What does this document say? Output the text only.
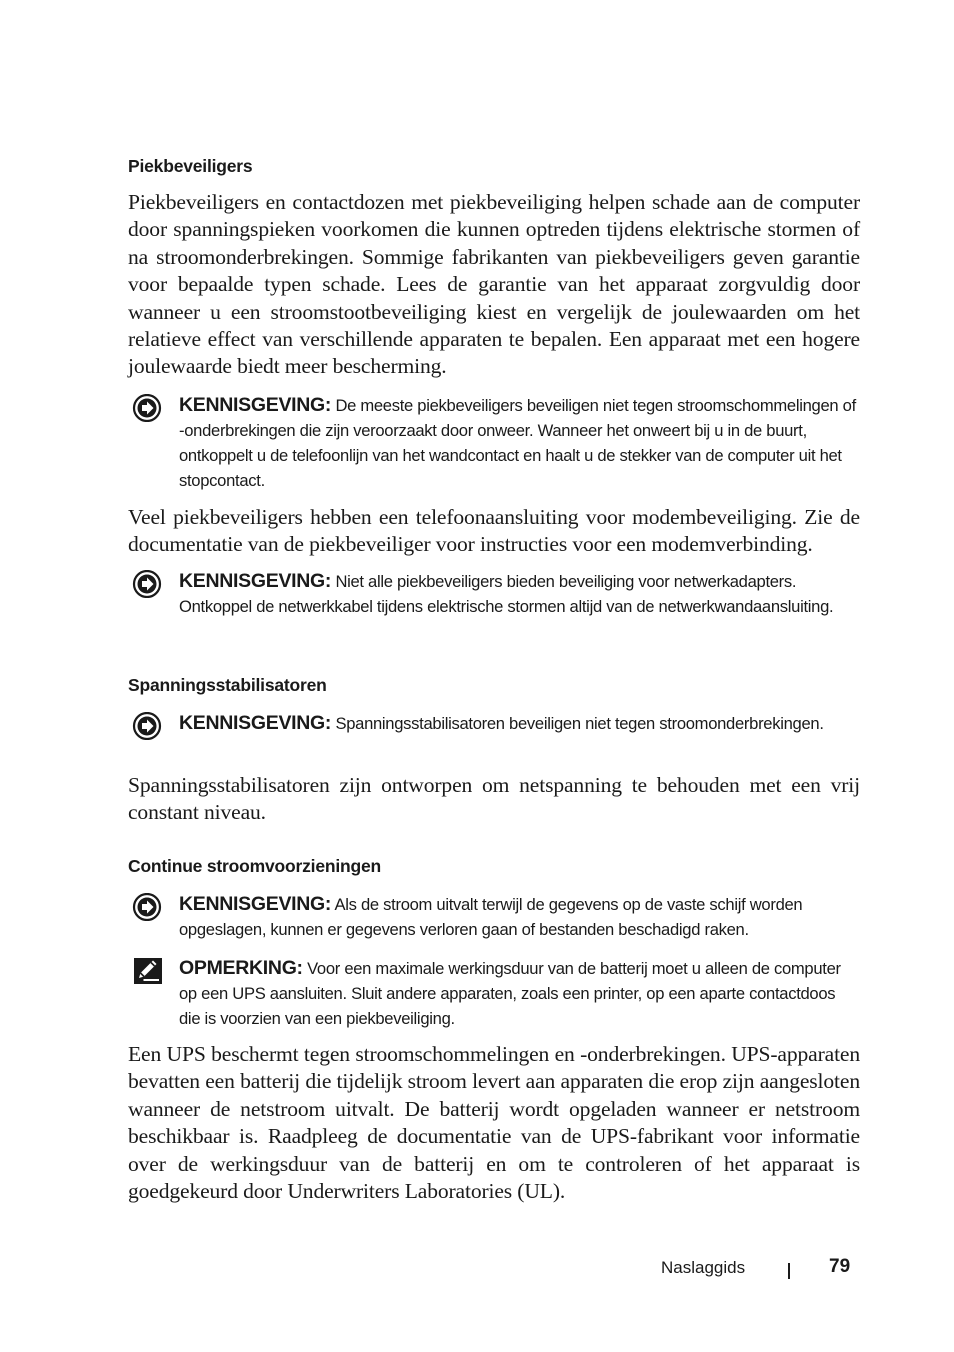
Piekbeveiligers

Piekbeveiligers en contactdozen met piekbeveiliging helpen schade aan de computer door spanningspieken voorkomen die kunnen optreden tijdens elektrische stormen of na stroomonderbrekingen. Sommige fabrikanten van piekbeveiligers geven garantie voor bepaalde typen schade. Lees de garantie van het apparaat zorgvuldig door wanneer u een stroomstootbeveiliging kiest en vergelijk de joulewaarden om het relatieve effect van verschillende apparaten te bepalen. Een apparaat met een hogere joulewaarde biedt meer bescherming.

KENNISGEVING: De meeste piekbeveiligers beveiligen niet tegen stroomschommelingen of -onderbrekingen die zijn veroorzaakt door onweer. Wanneer het onweert bij u in de buurt, ontkoppelt u de telefoonlijn van het wandcontact en haalt u de stekker van de computer uit het stopcontact.

Veel piekbeveiligers hebben een telefoonaansluiting voor modembeveiliging. Zie de documentatie van de piekbeveiliger voor instructies voor een modemverbinding.

KENNISGEVING: Niet alle piekbeveiligers bieden beveiliging voor netwerkadapters. Ontkoppel de netwerkkabel tijdens elektrische stormen altijd van de netwerkwandaansluiting.
Spanningsstabilisatoren
KENNISGEVING: Spanningsstabilisatoren beveiligen niet tegen stroomonderbrekingen.

Spanningsstabilisatoren zijn ontworpen om netspanning te behouden met een vrij constant niveau.

Continue stroomvoorzieningen
KENNISGEVING: Als de stroom uitvalt terwijl de gegevens op de vaste schijf worden opgeslagen, kunnen er gegevens verloren gaan of bestanden beschadigd raken.
OPMERKING: Voor een maximale werkingsduur van de batterij moet u alleen de computer op een UPS aansluiten. Sluit andere apparaten, zoals een printer, op een aparte contactdoos die is voorzien van een piekbeveiliging.

Een UPS beschermt tegen stroomschommelingen en -onderbrekingen. UPS-apparaten bevatten een batterij die tijdelijk stroom levert aan apparaten die erop zijn aangesloten wanneer de netstroom uitvalt. De batterij wordt opgeladen wanneer er netstroom beschikbaar is. Raadpleeg de documentatie van de UPS-fabrikant voor informatie over de werkingsduur van de batterij en om te controleren of het apparaat is goedgekeurd door Underwriters Laboratories (UL).

Naslaggids	79
